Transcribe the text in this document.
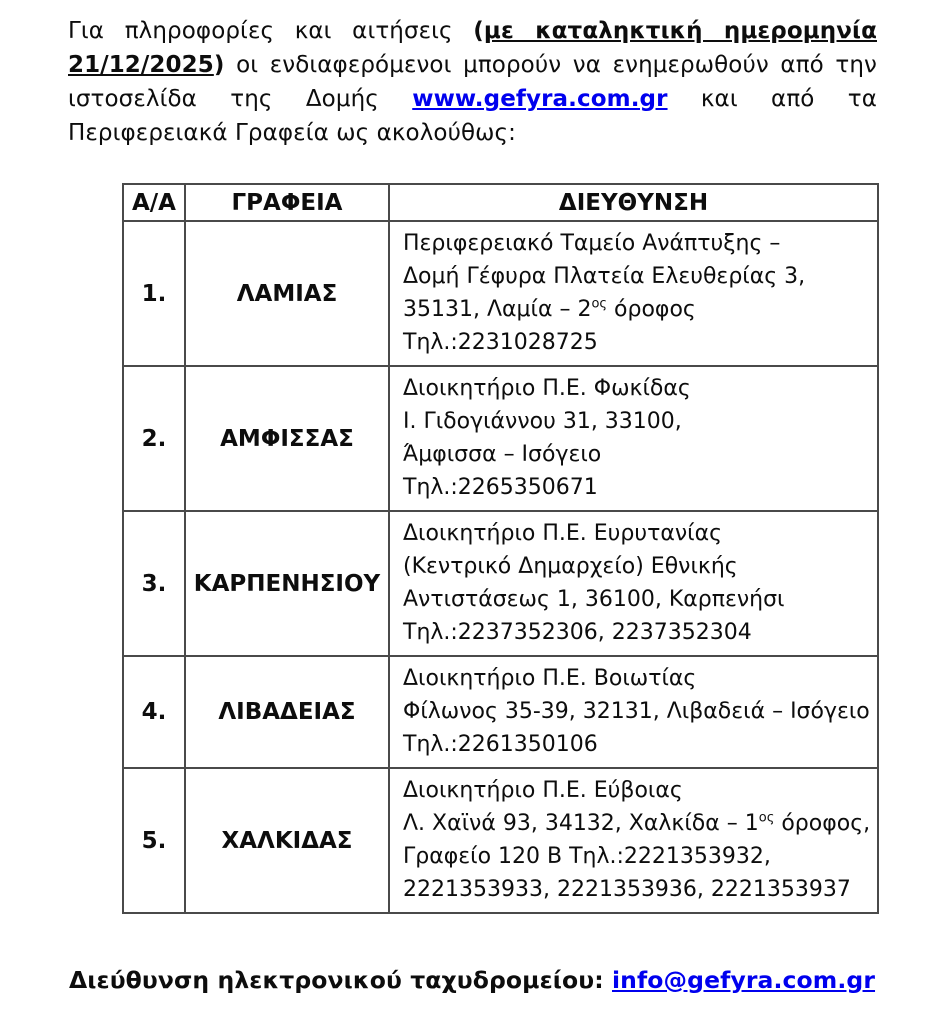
Για πληροφορίες και αιτήσεις (με καταληκτική ημερομηνία 21/12/2025) οι ενδιαφερόμενοι μπορούν να ενημερωθούν από την ιστοσελίδα της Δομής www.gefyra.com.gr και από τα Περιφερειακά Γραφεία ως ακολούθως:

Α/Α	ΓΡΑΦΕΙΑ	ΔΙΕΥΘΥΝΣΗ
1.	ΛΑΜΙΑΣ	Περιφερειακό Ταμείο Ανάπτυξης –
Δομή Γέφυρα Πλατεία Ελευθερίας 3,
35131, Λαμία – $2^{o\varsigma}$ όροφος
Τηλ.:2231028725

2.	ΑΜΦΙΣΣΑΣ	Διοικητήριο Π.Ε. Φωκίδας
Ι. Γιδογιάννου 31, 33100,
Άμφισσα – Ισόγειο
Τηλ.:2265350671

3.	ΚΑΡΠΕΝΗΣΙΟΥ	Διοικητήριο Π.Ε. Ευρυτανίας
(Κεντρικό Δημαρχείο) Εθνικής
Αντιστάσεως 1, 36100, Καρπενήσι
Τηλ.:2237352306, 2237352304

4.	ΛΙΒΑΔΕΙΑΣ	Διοικητήριο Π.Ε. Βοιωτίας
Φίλωνος 35-39, 32131, Λιβαδειά – Ισόγειο
Τηλ.:2261350106

5.	ΧΑΛΚΙΔΑΣ	Διοικητήριο Π.Ε. Εύβοιας
Λ. Χαϊνά 93, 34132, Χαλκίδα – $1^{o\varsigma}$ όροφος,
Γραφείο 120 Β Τηλ.:2221353932,
2221353933, 2221353936, 2221353937

Διεύθυνση ηλεκτρονικού ταχυδρομείου: info@gefyra.com.gr
